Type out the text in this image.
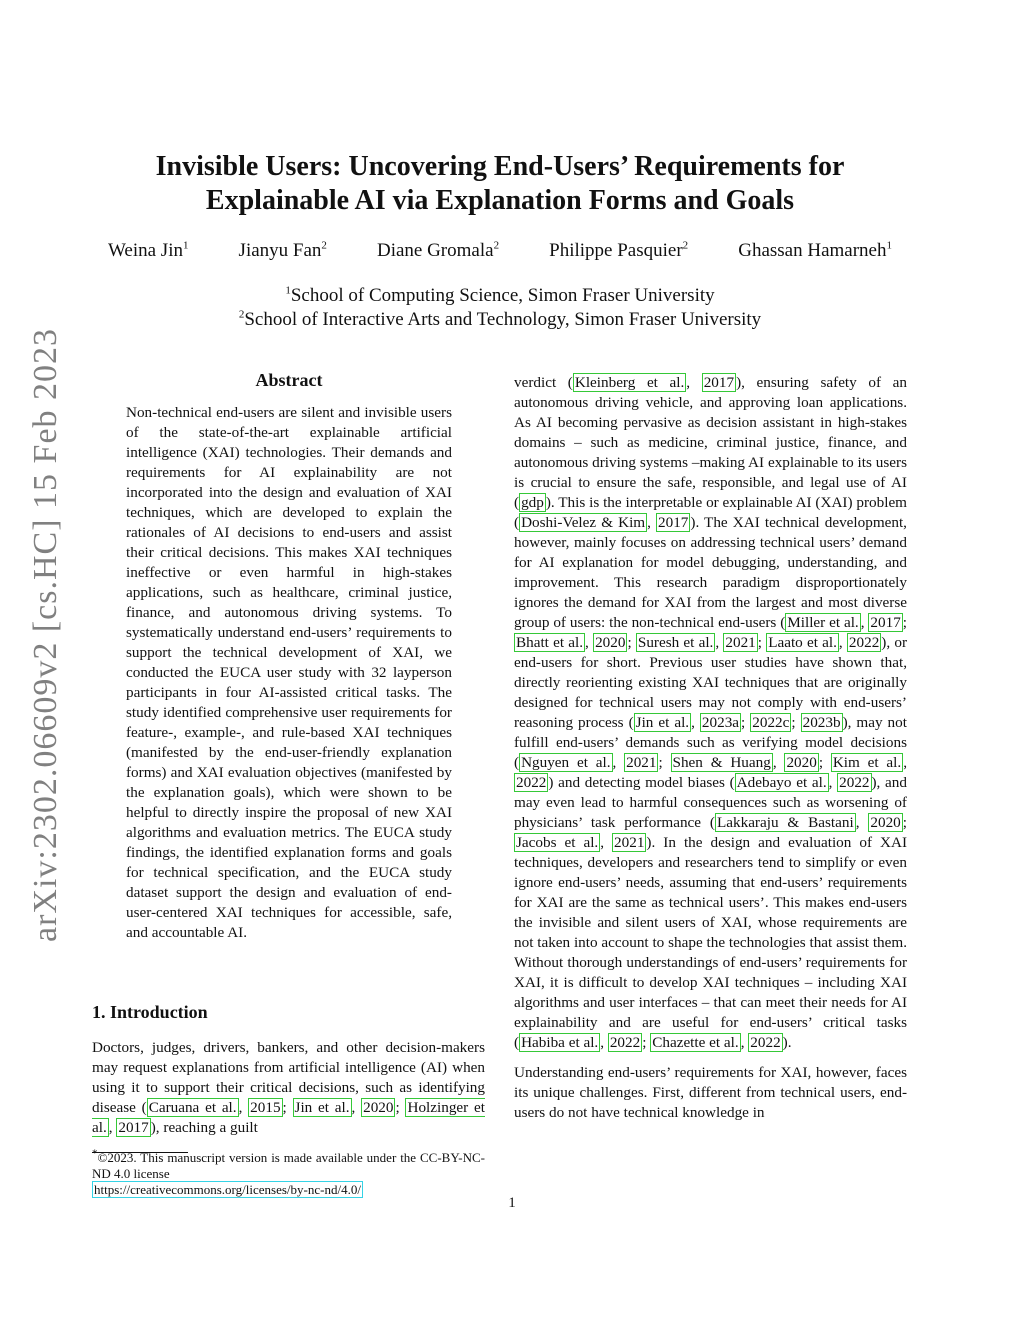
Invisible Users: Uncovering End-Users’ Requirements for
Explainable AI via Explanation Forms and Goals
Weina Jin$^1$	Jianyu Fan$^2$	Diane Gromala$^2$	Philippe Pasquier$^2$	Ghassan Hamarneh$^1$
$^1$School of Computing Science, Simon Fraser University
$^2$School of Interactive Arts and Technology, Simon Fraser University
arXiv:2302.06609v2 [cs.HC] 15 Feb 2023	Abstract
Non-technical end-users are silent and invisible users of the state-of-the-art explainable artificial intelligence (XAI) technologies. Their demands and requirements for AI explainability are not incorporated into the design and evaluation of XAI techniques, which are developed to explain the rationales of AI decisions to end-users and assist their critical decisions. This makes XAI techniques ineffective or even harmful in high-stakes applications, such as healthcare, criminal justice, finance, and autonomous driving systems. To systematically understand end-users’ requirements to support the technical development of XAI, we conducted the EUCA user study with 32 layperson participants in four AI-assisted critical tasks. The study identified comprehensive user requirements for feature-, example-, and rule-based XAI techniques (manifested by the end-user-friendly explanation forms) and XAI evaluation objectives (manifested by the explanation goals), which were shown to be helpful to directly inspire the proposal of new XAI algorithms and evaluation metrics. The EUCA study findings, the identified explanation forms and goals for technical specification, and the EUCA study dataset support the design and evaluation of end-user-centered XAI techniques for accessible, safe, and accountable AI.
1. Introduction

Doctors, judges, drivers, bankers, and other decision-makers may request explanations from artificial intelligence (AI) when using it to support their critical decisions, such as identifying disease ( Caruana et al. , 2015 ; Jin et al. , 2020 ; Holzinger et al. , 2017 ), reaching a guilt

*©2023. This manuscript version is made available under the CC-BY-NC-ND 4.0 license
https://creativecommons.org/licenses/by-nc-nd/4.0/

verdict ( Kleinberg et al. , 2017 ), ensuring safety of an autonomous driving vehicle, and approving loan applications. As AI becoming pervasive as decision assistant in high-stakes domains – such as medicine, criminal justice, finance, and autonomous driving systems –making AI explainable to its users is crucial to ensure the safe, responsible, and legal use of AI ( gdp ). This is the interpretable or explainable AI (XAI) problem ( Doshi-Velez & Kim , 2017 ). The XAI technical development, however, mainly focuses on addressing technical users’ demand for AI explanation for model debugging, understanding, and improvement. This research paradigm disproportionately ignores the demand for XAI from the largest and most diverse group of users: the non-technical end-users ( Miller et al. , 2017 ; Bhatt et al. , 2020 ; Suresh et al. , 2021 ; Laato et al. , 2022 ), or end-users for short. Previous user studies have shown that, directly reorienting existing XAI techniques that are originally designed for technical users may not comply with end-users’ reasoning process ( Jin et al. , 2023a ; 2022c ; 2023b ), may not fulfill end-users’ demands such as verifying model decisions ( Nguyen et al. , 2021 ; Shen & Huang , 2020 ; Kim et al. , 2022 ) and detecting model biases ( Adebayo et al. , 2022 ), and may even lead to harmful consequences such as worsening of physicians’ task performance ( Lakkaraju & Bastani , 2020 ; Jacobs et al. , 2021 ). In the design and evaluation of XAI techniques, developers and researchers tend to simplify or even ignore end-users’ needs, assuming that end-users’ requirements for XAI are the same as technical users’. This makes end-users the invisible and silent users of XAI, whose requirements are not taken into account to shape the technologies that assist them. Without thorough understandings of end-users’ requirements for XAI, it is difficult to develop XAI techniques – including XAI algorithms and user interfaces – that can meet their needs for AI explainability and are useful for end-users’ critical tasks ( Habiba et al. , 2022 ; Chazette et al. , 2022 ).

Understanding end-users’ requirements for XAI, however, faces its unique challenges. First, different from technical users, end-users do not have technical knowledge in

1
